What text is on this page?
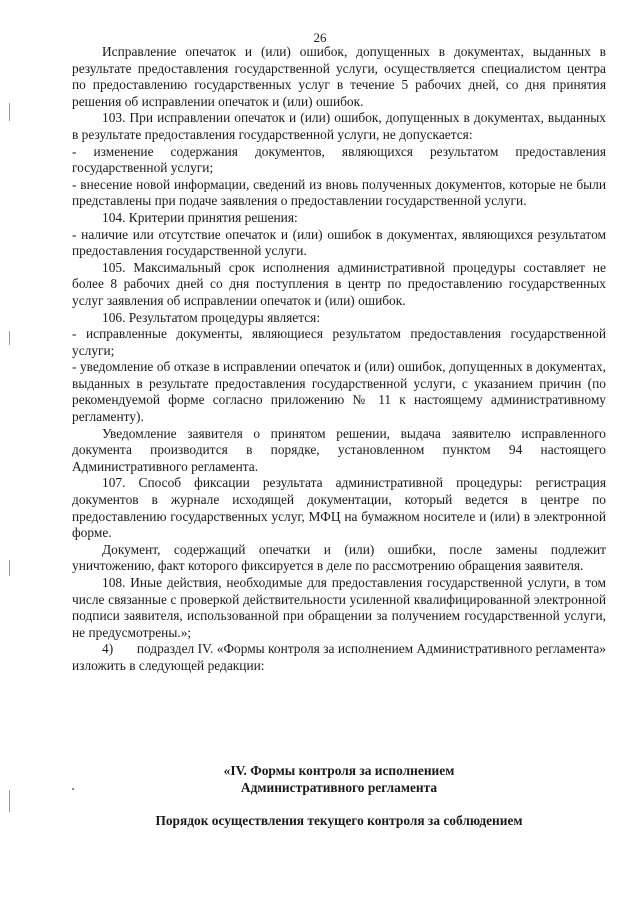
26

Исправление опечаток и (или) ошибок, допущенных в документах, выданных в результате предоставления государственной услуги, осуществляется специалистом центра по предоставлению государственных услуг в течение 5 рабочих дней, со дня принятия решения об исправлении опечаток и (или) ошибок.

103. При исправлении опечаток и (или) ошибок, допущенных в документах, выданных в результате предоставления государственной услуги, не допускается:

- изменение содержания документов, являющихся результатом предоставления государственной услуги;

- внесение новой информации, сведений из вновь полученных документов, которые не были представлены при подаче заявления о предоставлении государственной услуги.

104. Критерии принятия решения:

- наличие или отсутствие опечаток и (или) ошибок в документах, являющихся результатом предоставления государственной услуги.

105. Максимальный срок исполнения административной процедуры составляет не более 8 рабочих дней со дня поступления в центр по предоставлению государственных услуг заявления об исправлении опечаток и (или) ошибок.

106. Результатом процедуры является:

- исправленные документы, являющиеся результатом предоставления государственной услуги;

- уведомление об отказе в исправлении опечаток и (или) ошибок, допущенных в документах, выданных в результате предоставления государственной услуги, с указанием причин (по рекомендуемой форме согласно приложению № 11 к настоящему административному регламенту).

Уведомление заявителя о принятом решении, выдача заявителю исправленного документа производится в порядке, установленном пунктом 94 настоящего Административного регламента.

107. Способ фиксации результата административной процедуры: регистрация документов в журнале исходящей документации, который ведется в центре по предоставлению государственных услуг, МФЦ на бумажном носителе и (или) в электронной форме.

Документ, содержащий опечатки и (или) ошибки, после замены подлежит уничтожению, факт которого фиксируется в деле по рассмотрению обращения заявителя.

108. Иные действия, необходимые для предоставления государственной услуги, в том числе связанные с проверкой действительности усиленной квалифицированной электронной подписи заявителя, использованной при обращении за получением государственной услуги, не предусмотрены.»;

4)       подраздел IV. «Формы контроля за исполнением Административного регламента» изложить в следующей редакции:

«IV. Формы контроля за исполнением
Административного регламента
Порядок осуществления текущего контроля за соблюдением
